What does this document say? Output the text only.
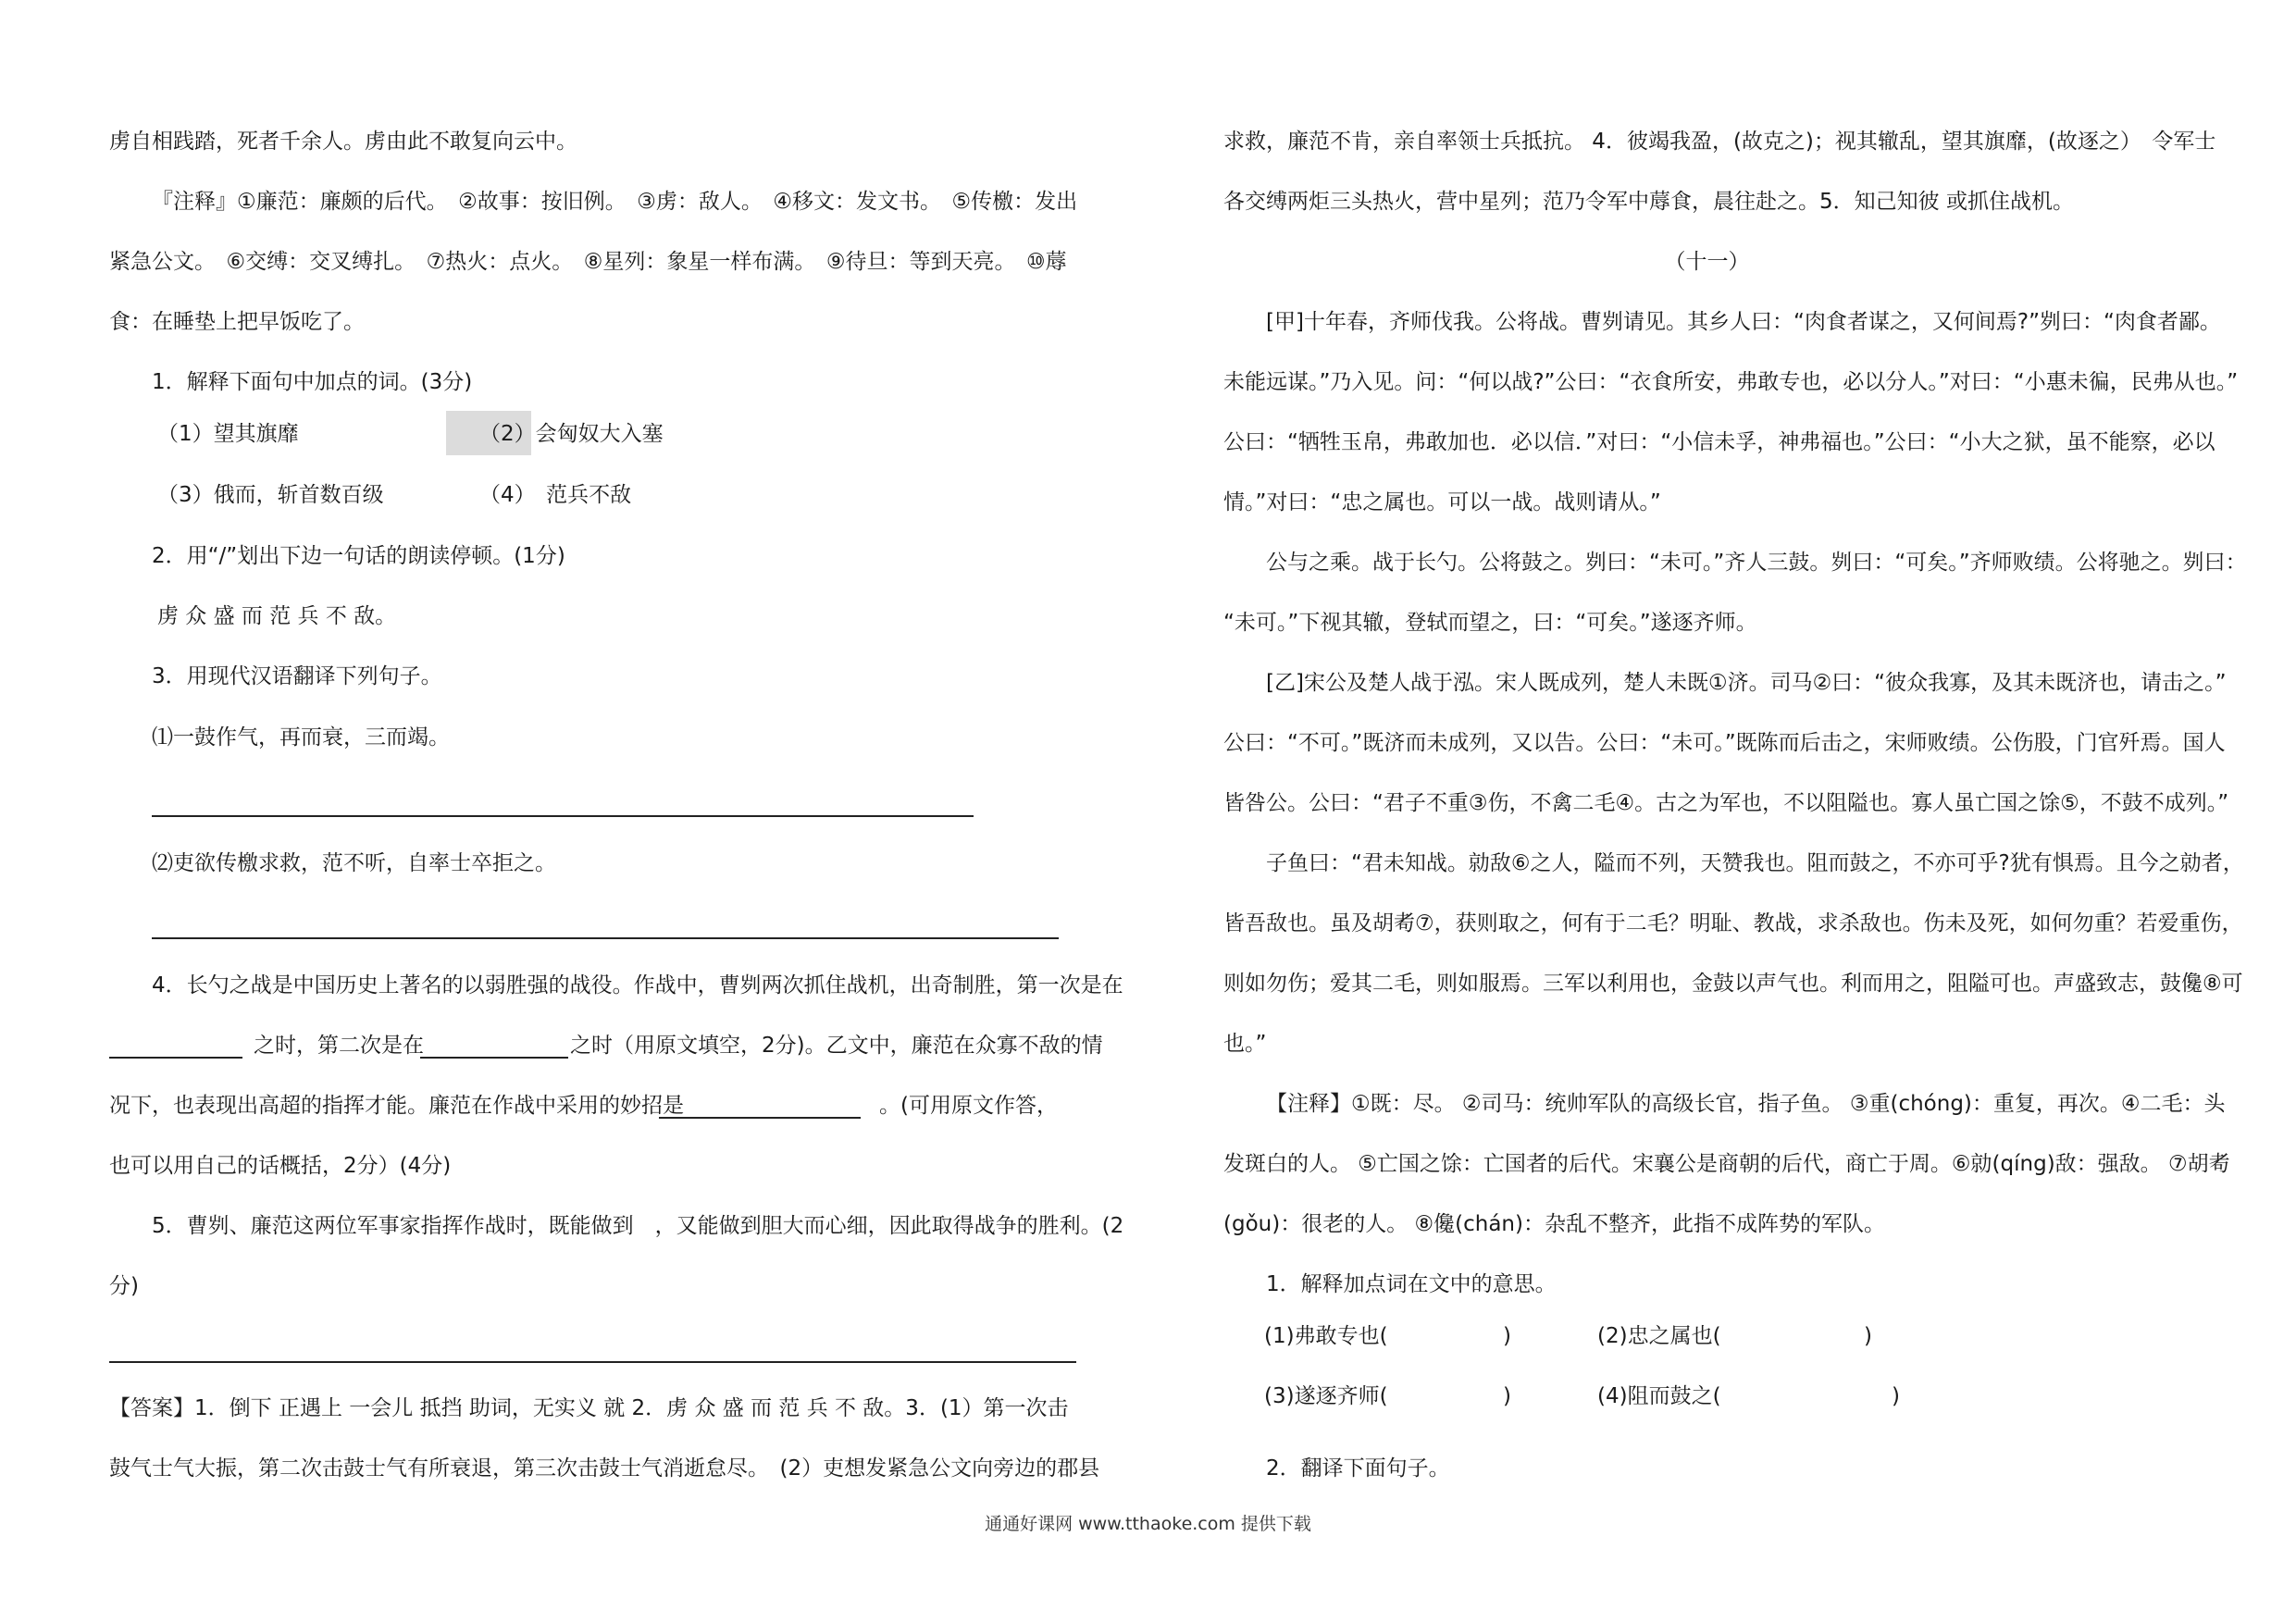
虏自相践踏，死者千余人。虏由此不敢复向云中。
『注释』①廉范：廉颇的后代。　②故事：按旧例。　③虏：敌人。　④移文：发文书。　⑤传檄：发出
紧急公文。　⑥交缚：交叉缚扎。　⑦热火：点火。　⑧星列：象星一样布满。　⑨待旦：等到天亮。　⑩蓐
食：在睡垫上把早饭吃了。
1．解释下面句中加点的词。(3分)
（1）望其旗靡	（2）会匈奴大入塞
（3）俄而，斩首数百级	（4）　范兵不敌
2．用“/”划出下边一句话的朗读停顿。(1分)
虏 众 盛 而 范 兵 不 敌。
3．用现代汉语翻译下列句子。
⑴一鼓作气，再而衰，三而竭。
⑵吏欲传檄求救，范不听，自率士卒拒之。
4．长勺之战是中国历史上著名的以弱胜强的战役。作战中，曹刿两次抓住战机，出奇制胜，第一次是在
之时，第二次是在	之时（用原文填空，2分)。乙文中，廉范在众寡不敌的情
况下，也表现出高超的指挥才能。廉范在作战中采用的妙招是	。(可用原文作答，
也可以用自己的话概括，2分）(4分)
5．曹刿、廉范这两位军事家指挥作战时，既能做到　，又能做到胆大而心细，因此取得战争的胜利。(2
分)
【答案】1．倒下 正遇上 一会儿 抵挡 助词，无实义 就 2．虏 众 盛 而 范 兵 不 敌。3．(1）第一次击
鼓气士气大振，第二次击鼓士气有所衰退，第三次击鼓士气消逝怠尽。　(2）吏想发紧急公文向旁边的郡县
求救，廉范不肯，亲自率领士兵抵抗。 4．彼竭我盈，(故克之)；视其辙乱，望其旗靡，(故逐之）　令军士
各交缚两炬三头热火，营中星列；范乃令军中蓐食，晨往赴之。5．知己知彼 或抓住战机。
（十一）
[甲]十年春，齐师伐我。公将战。曹刿请见。其乡人曰：“肉食者谋之，又何间焉?”刿曰：“肉食者鄙。
未能远谋。”乃入见。问：“何以战?”公曰：“衣食所安，弗敢专也，必以分人。”对曰：“小惠未徧，民弗从也。”
公曰：“牺牲玉帛，弗敢加也．必以信．”对曰：“小信未孚，神弗福也。”公曰：“小大之狱，虽不能察，必以
情。”对曰：“忠之属也。可以一战。战则请从。”
公与之乘。战于长勺。公将鼓之。刿曰：“未可。”齐人三鼓。刿曰：“可矣。”齐师败绩。公将驰之。刿曰：
“未可。”下视其辙，登轼而望之，曰：“可矣。”遂逐齐师。
[乙]宋公及楚人战于泓。宋人既成列，楚人未既①济。司马②曰：“彼众我寡，及其未既济也，请击之。”
公曰：“不可。”既济而未成列，又以告。公曰：“未可。”既陈而后击之，宋师败绩。公伤股，门官歼焉。国人
皆咎公。公曰：“君子不重③伤，不禽二毛④。古之为军也，不以阻隘也。寡人虽亡国之馀⑤，不鼓不成列。”
子鱼曰：“君未知战。勍敌⑥之人，隘而不列，天赞我也。阻而鼓之，不亦可乎?犹有惧焉。且今之勍者，
皆吾敌也。虽及胡耇⑦，获则取之，何有于二毛？明耻、教战，求杀敌也。伤未及死，如何勿重？若爱重伤，
则如勿伤；爱其二毛，则如服焉。三军以利用也，金鼓以声气也。利而用之，阻隘可也。声盛致志，鼓儳⑧可
也。”
【注释】①既：尽。 ②司马：统帅军队的高级长官，指子鱼。 ③重(chóng)：重复，再次。④二毛：头
发斑白的人。 ⑤亡国之馀：亡国者的后代。宋襄公是商朝的后代，商亡于周。⑥勍(qíng)敌：强敌。 ⑦胡耇
(gǒu)：很老的人。 ⑧儳(chán)：杂乱不整齐，此指不成阵势的军队。
1．解释加点词在文中的意思。
(1)弗敢专也(	)	(2)忠之属也(	)
(3)遂逐齐师(	)	(4)阻而鼓之(	)
2．翻译下面句子。
通通好课网 www.tthaoke.com 提供下载
